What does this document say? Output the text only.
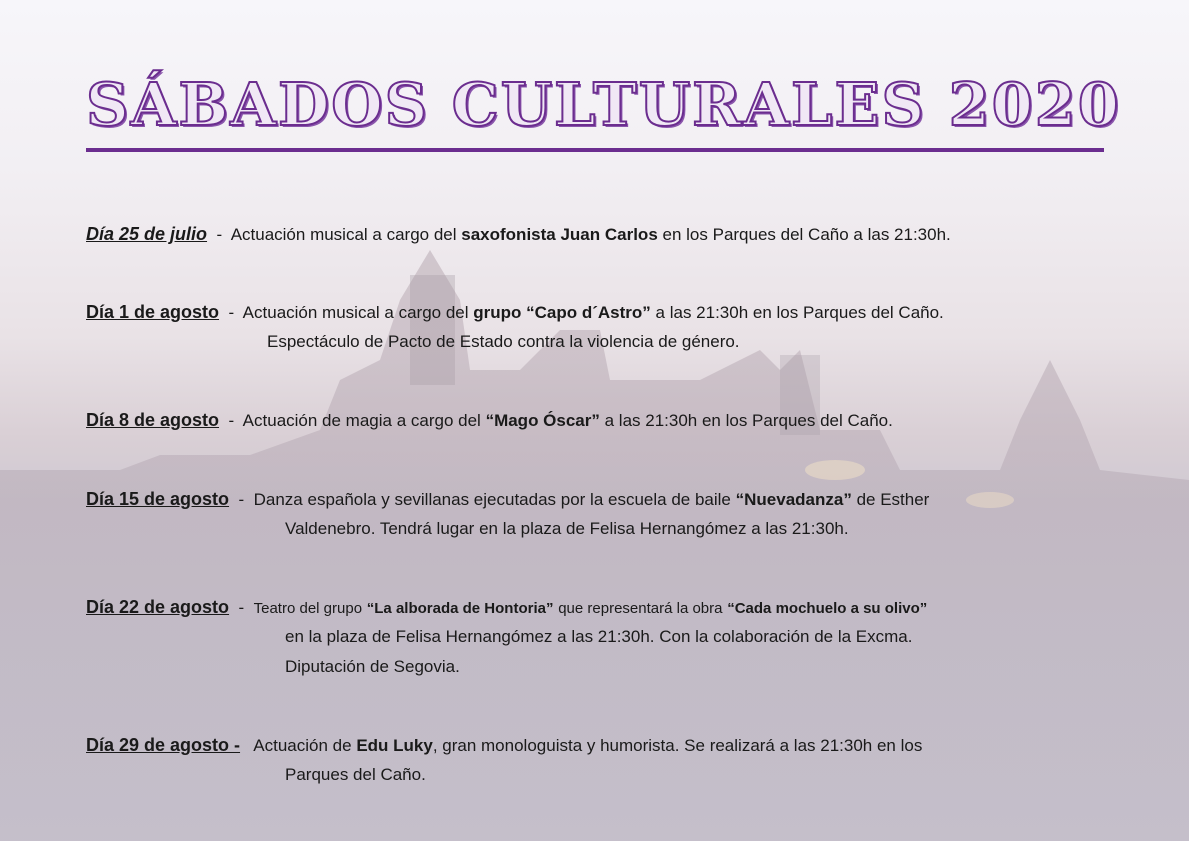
SÁBADOS CULTURALES 2020
Día 25 de julio - Actuación musical a cargo del saxofonista Juan Carlos en los Parques del Caño a las 21:30h.
Día 1 de agosto - Actuación musical a cargo del grupo “Capo d´Astro” a las 21:30h en los Parques del Caño.
Espectáculo de Pacto de Estado contra la violencia de género.
Día 8 de agosto - Actuación de magia a cargo del “Mago Óscar” a las 21:30h en los Parques del Caño.
Día 15 de agosto - Danza española y sevillanas ejecutadas por la escuela de baile “Nuevadanza” de Esther
Valdenebro. Tendrá lugar en la plaza de Felisa Hernangómez a las 21:30h.
Día 22 de agosto - Teatro del grupo “La alborada de Hontoria” que representará la obra “Cada mochuelo a su olivo”
en la plaza de Felisa Hernangómez a las 21:30h. Con la colaboración de la Excma.
Diputación de Segovia.
Día 29 de agosto - Actuación de Edu Luky, gran monologuista y humorista. Se realizará a las 21:30h en los
Parques del Caño.
